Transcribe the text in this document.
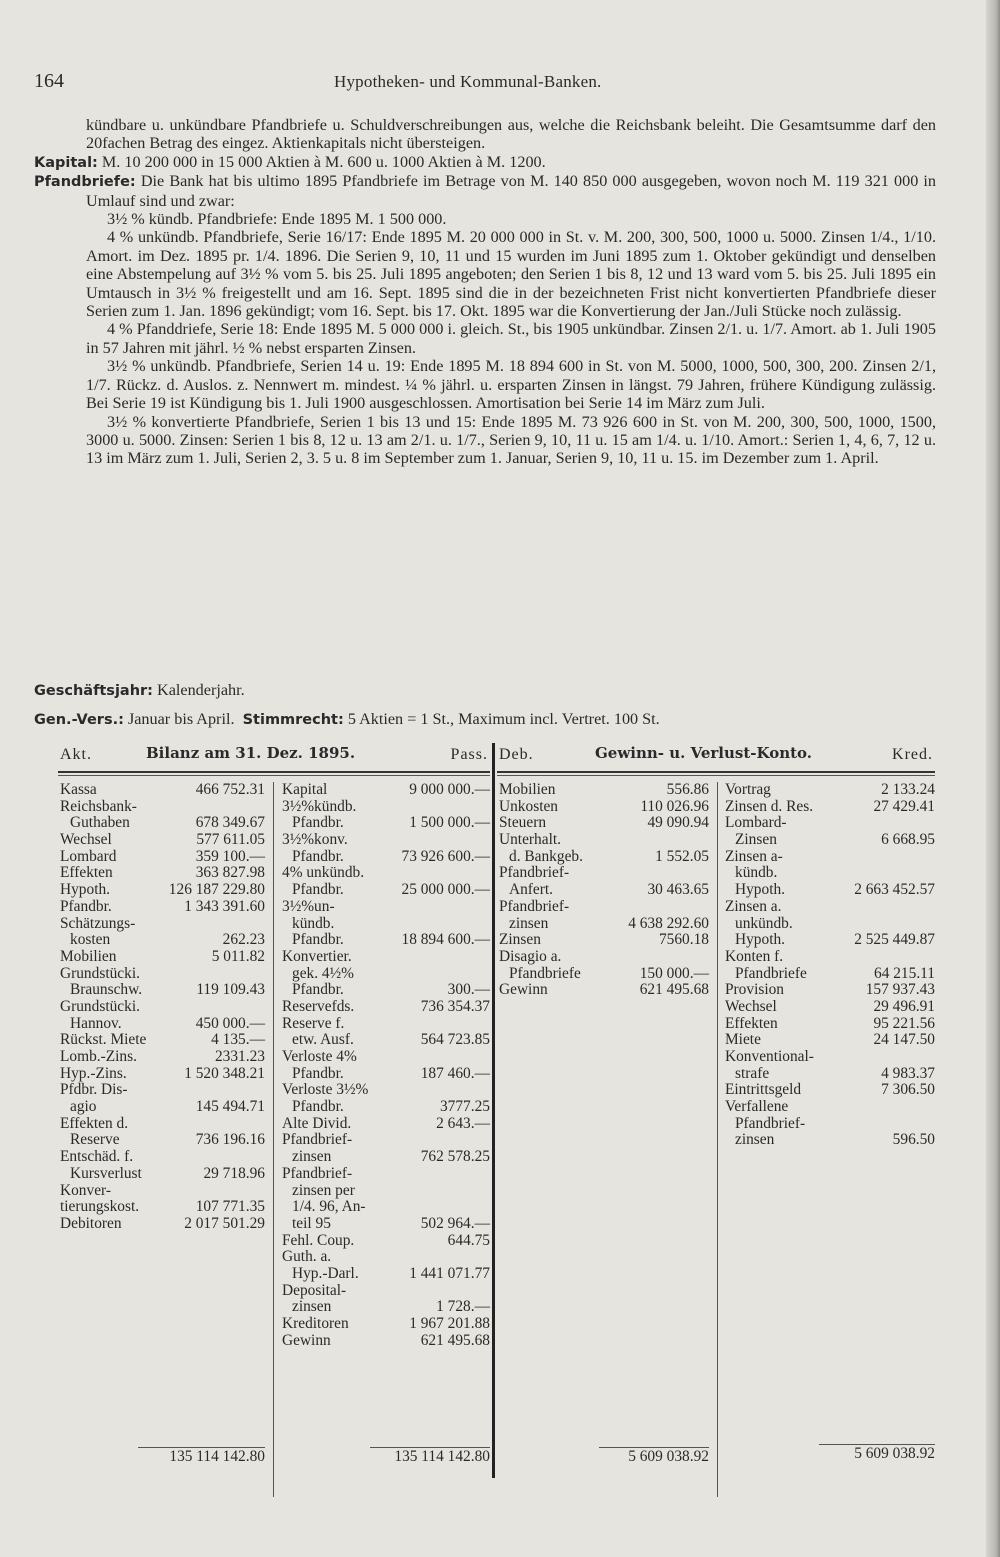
164	Hypotheken- und Kommunal-Banken.

kündbare u. unkündbare Pfandbriefe u. Schuldverschreibungen aus, welche die Reichsbank beleiht. Die Gesamtsumme darf den 20fachen Betrag des eingez. Aktienkapitals nicht übersteigen.

Kapital: M. 10 200 000 in 15 000 Aktien à M. 600 u. 1000 Aktien à M. 1200.

Pfandbriefe: Die Bank hat bis ultimo 1895 Pfandbriefe im Betrage von M. 140 850 000 ausgegeben, wovon noch M. 119 321 000 in Umlauf sind und zwar:

3½ % kündb. Pfandbriefe: Ende 1895 M. 1 500 000.

4 % unkündb. Pfandbriefe, Serie 16/17: Ende 1895 M. 20 000 000 in St. v. M. 200, 300, 500, 1000 u. 5000. Zinsen 1/4., 1/10. Amort. im Dez. 1895 pr. 1/4. 1896. Die Serien 9, 10, 11 und 15 wurden im Juni 1895 zum 1. Oktober gekündigt und denselben eine Abstempelung auf 3½ % vom 5. bis 25. Juli 1895 angeboten; den Serien 1 bis 8, 12 und 13 ward vom 5. bis 25. Juli 1895 ein Umtausch in 3½ % freigestellt und am 16. Sept. 1895 sind die in der bezeichneten Frist nicht konvertierten Pfandbriefe dieser Serien zum 1. Jan. 1896 gekündigt; vom 16. Sept. bis 17. Okt. 1895 war die Konvertierung der Jan./Juli Stücke noch zulässig.

4 % Pfanddriefe, Serie 18: Ende 1895 M. 5 000 000 i. gleich. St., bis 1905 unkündbar. Zinsen 2/1. u. 1/7. Amort. ab 1. Juli 1905 in 57 Jahren mit jährl. ½ % nebst ersparten Zinsen.

3½ % unkündb. Pfandbriefe, Serien 14 u. 19: Ende 1895 M. 18 894 600 in St. von M. 5000, 1000, 500, 300, 200. Zinsen 2/1, 1/7. Rückz. d. Auslos. z. Nennwert m. mindest. ¼ % jährl. u. ersparten Zinsen in längst. 79 Jahren, frühere Kündigung zulässig. Bei Serie 19 ist Kündigung bis 1. Juli 1900 ausgeschlossen. Amortisation bei Serie 14 im März zum Juli.

3½ % konvertierte Pfandbriefe, Serien 1 bis 13 und 15: Ende 1895 M. 73 926 600 in St. von M. 200, 300, 500, 1000, 1500, 3000 u. 5000. Zinsen: Serien 1 bis 8, 12 u. 13 am 2/1. u. 1/7., Serien 9, 10, 11 u. 15 am 1/4. u. 1/10. Amort.: Serien 1, 4, 6, 7, 12 u. 13 im März zum 1. Juli, Serien 2, 3. 5 u. 8 im September zum 1. Januar, Serien 9, 10, 11 u. 15. im Dezember zum 1. April.

Geschäftsjahr: Kalenderjahr.
Gen.-Vers.: Januar bis April. Stimmrecht: 5 Aktien = 1 St., Maximum incl. Vertret. 100 St.
Akt.	Bilanz am 31. Dez. 1895.	Pass.
Kassa	466 752.31
Reichsbank-
Guthaben	678 349.67
Wechsel	577 611.05
Lombard	359 100.—
Effekten	363 827.98
Hypoth.	126 187 229.80
Pfandbr.	1 343 391.60
Schätzungs-
kosten	262.23
Mobilien	5 011.82
Grundstücki.
Braunschw.	119 109.43
Grundstücki.
Hannov.	450 000.—
Rückst. Miete	4 135.—
Lomb.-Zins.	2331.23
Hyp.-Zins.	1 520 348.21
Pfdbr. Dis-
agio	145 494.71
Effekten d.
Reserve	736 196.16
Entschäd. f.
Kursverlust	29 718.96
Konver-
tierungskost.	107 771.35
Debitoren	2 017 501.29
Kapital	9 000 000.—
3½%kündb.
Pfandbr.	1 500 000.—
3½%konv.
Pfandbr.	73 926 600.—
4% unkündb.
Pfandbr.	25 000 000.—
3½%un-
kündb.
Pfandbr.	18 894 600.—
Konvertier.
gek. 4½%
Pfandbr.	300.—
Reservefds.	736 354.37
Reserve f.
etw. Ausf.	564 723.85
Verloste 4%
Pfandbr.	187 460.—
Verloste 3½%
Pfandbr.	3777.25
Alte Divid.	2 643.—
Pfandbrief-
zinsen	762 578.25
Pfandbrief-
zinsen per
1/4. 96, An-
teil 95	502 964.—
Fehl. Coup.	644.75
Guth. a.
Hyp.-Darl.	1 441 071.77
Deposital-
zinsen	1 728.—
Kreditoren	1 967 201.88
Gewinn	621 495.68
135 114 142.80	135 114 142.80
Deb.	Gewinn- u. Verlust-Konto.	Kred.
Mobilien	556.86
Unkosten	110 026.96
Steuern	49 090.94
Unterhalt.
d. Bankgeb.	1 552.05
Pfandbrief-
Anfert.	30 463.65
Pfandbrief-
zinsen	4 638 292.60
Zinsen	7560.18
Disagio a.
Pfandbriefe	150 000.—
Gewinn	621 495.68
Vortrag	2 133.24
Zinsen d. Res.	27 429.41
Lombard-
Zinsen	6 668.95
Zinsen a-
kündb.
Hypoth.	2 663 452.57
Zinsen a.
unkündb.
Hypoth.	2 525 449.87
Konten f.
Pfandbriefe	64 215.11
Provision	157 937.43
Wechsel	29 496.91
Effekten	95 221.56
Miete	24 147.50
Konventional-
strafe	4 983.37
Eintrittsgeld	7 306.50
Verfallene
Pfandbrief-
zinsen	596.50
5 609 038.92	5 609 038.92
